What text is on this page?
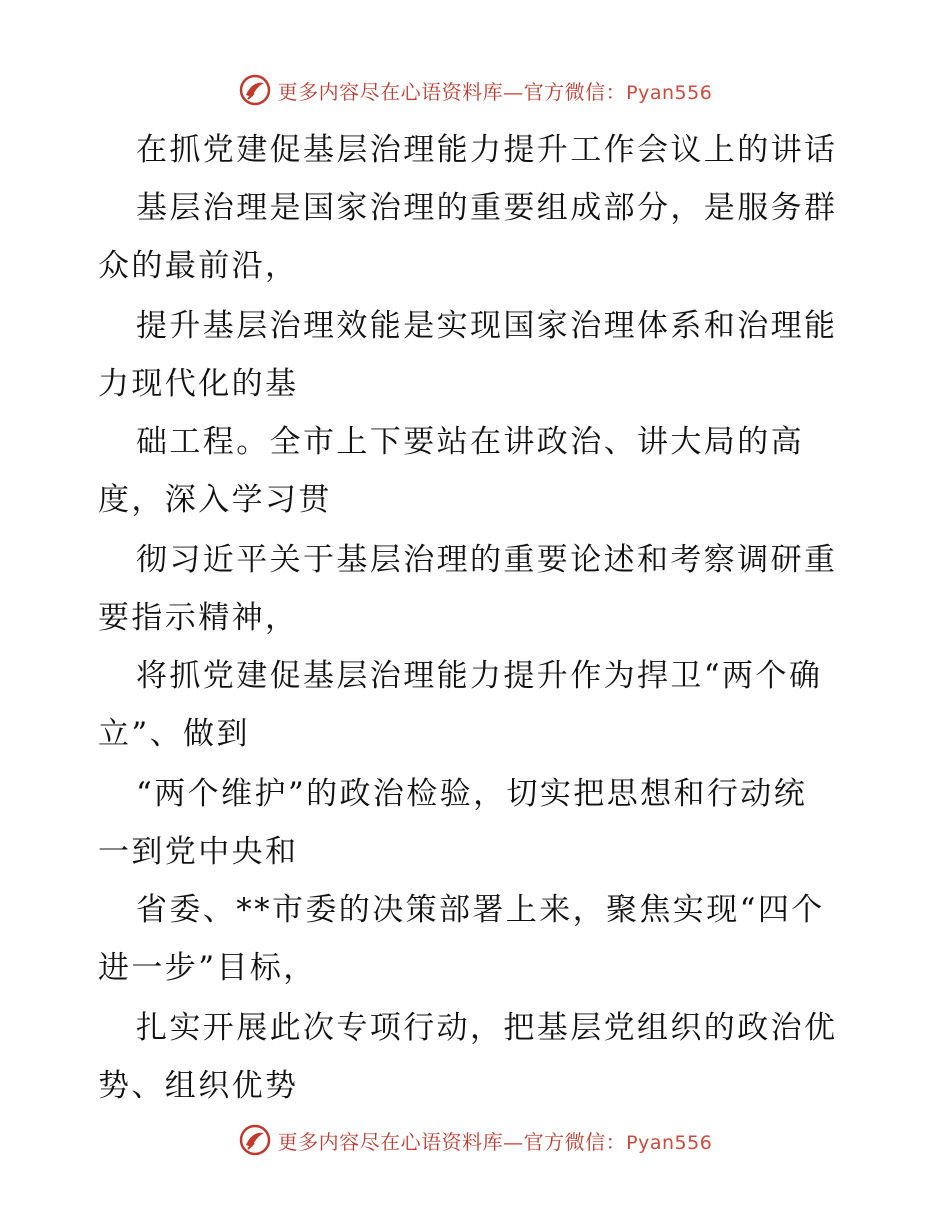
更多内容尽在心语资料库—官方微信：Pyan556
在抓党建促基层治理能力提升工作会议上的讲话
基层治理是国家治理的重要组成部分，是服务群
众的最前沿，
提升基层治理效能是实现国家治理体系和治理能
力现代化的基
础工程。全市上下要站在讲政治、讲大局的高
度，深入学习贯
彻习近平关于基层治理的重要论述和考察调研重
要指示精神，
将抓党建促基层治理能力提升作为捍卫“两个确
立”、做到
“两个维护”的政治检验，切实把思想和行动统
一到党中央和
省委、**市委的决策部署上来，聚焦实现“四个
进一步”目标，
扎实开展此次专项行动，把基层党组织的政治优
势、组织优势
更多内容尽在心语资料库—官方微信：Pyan556
